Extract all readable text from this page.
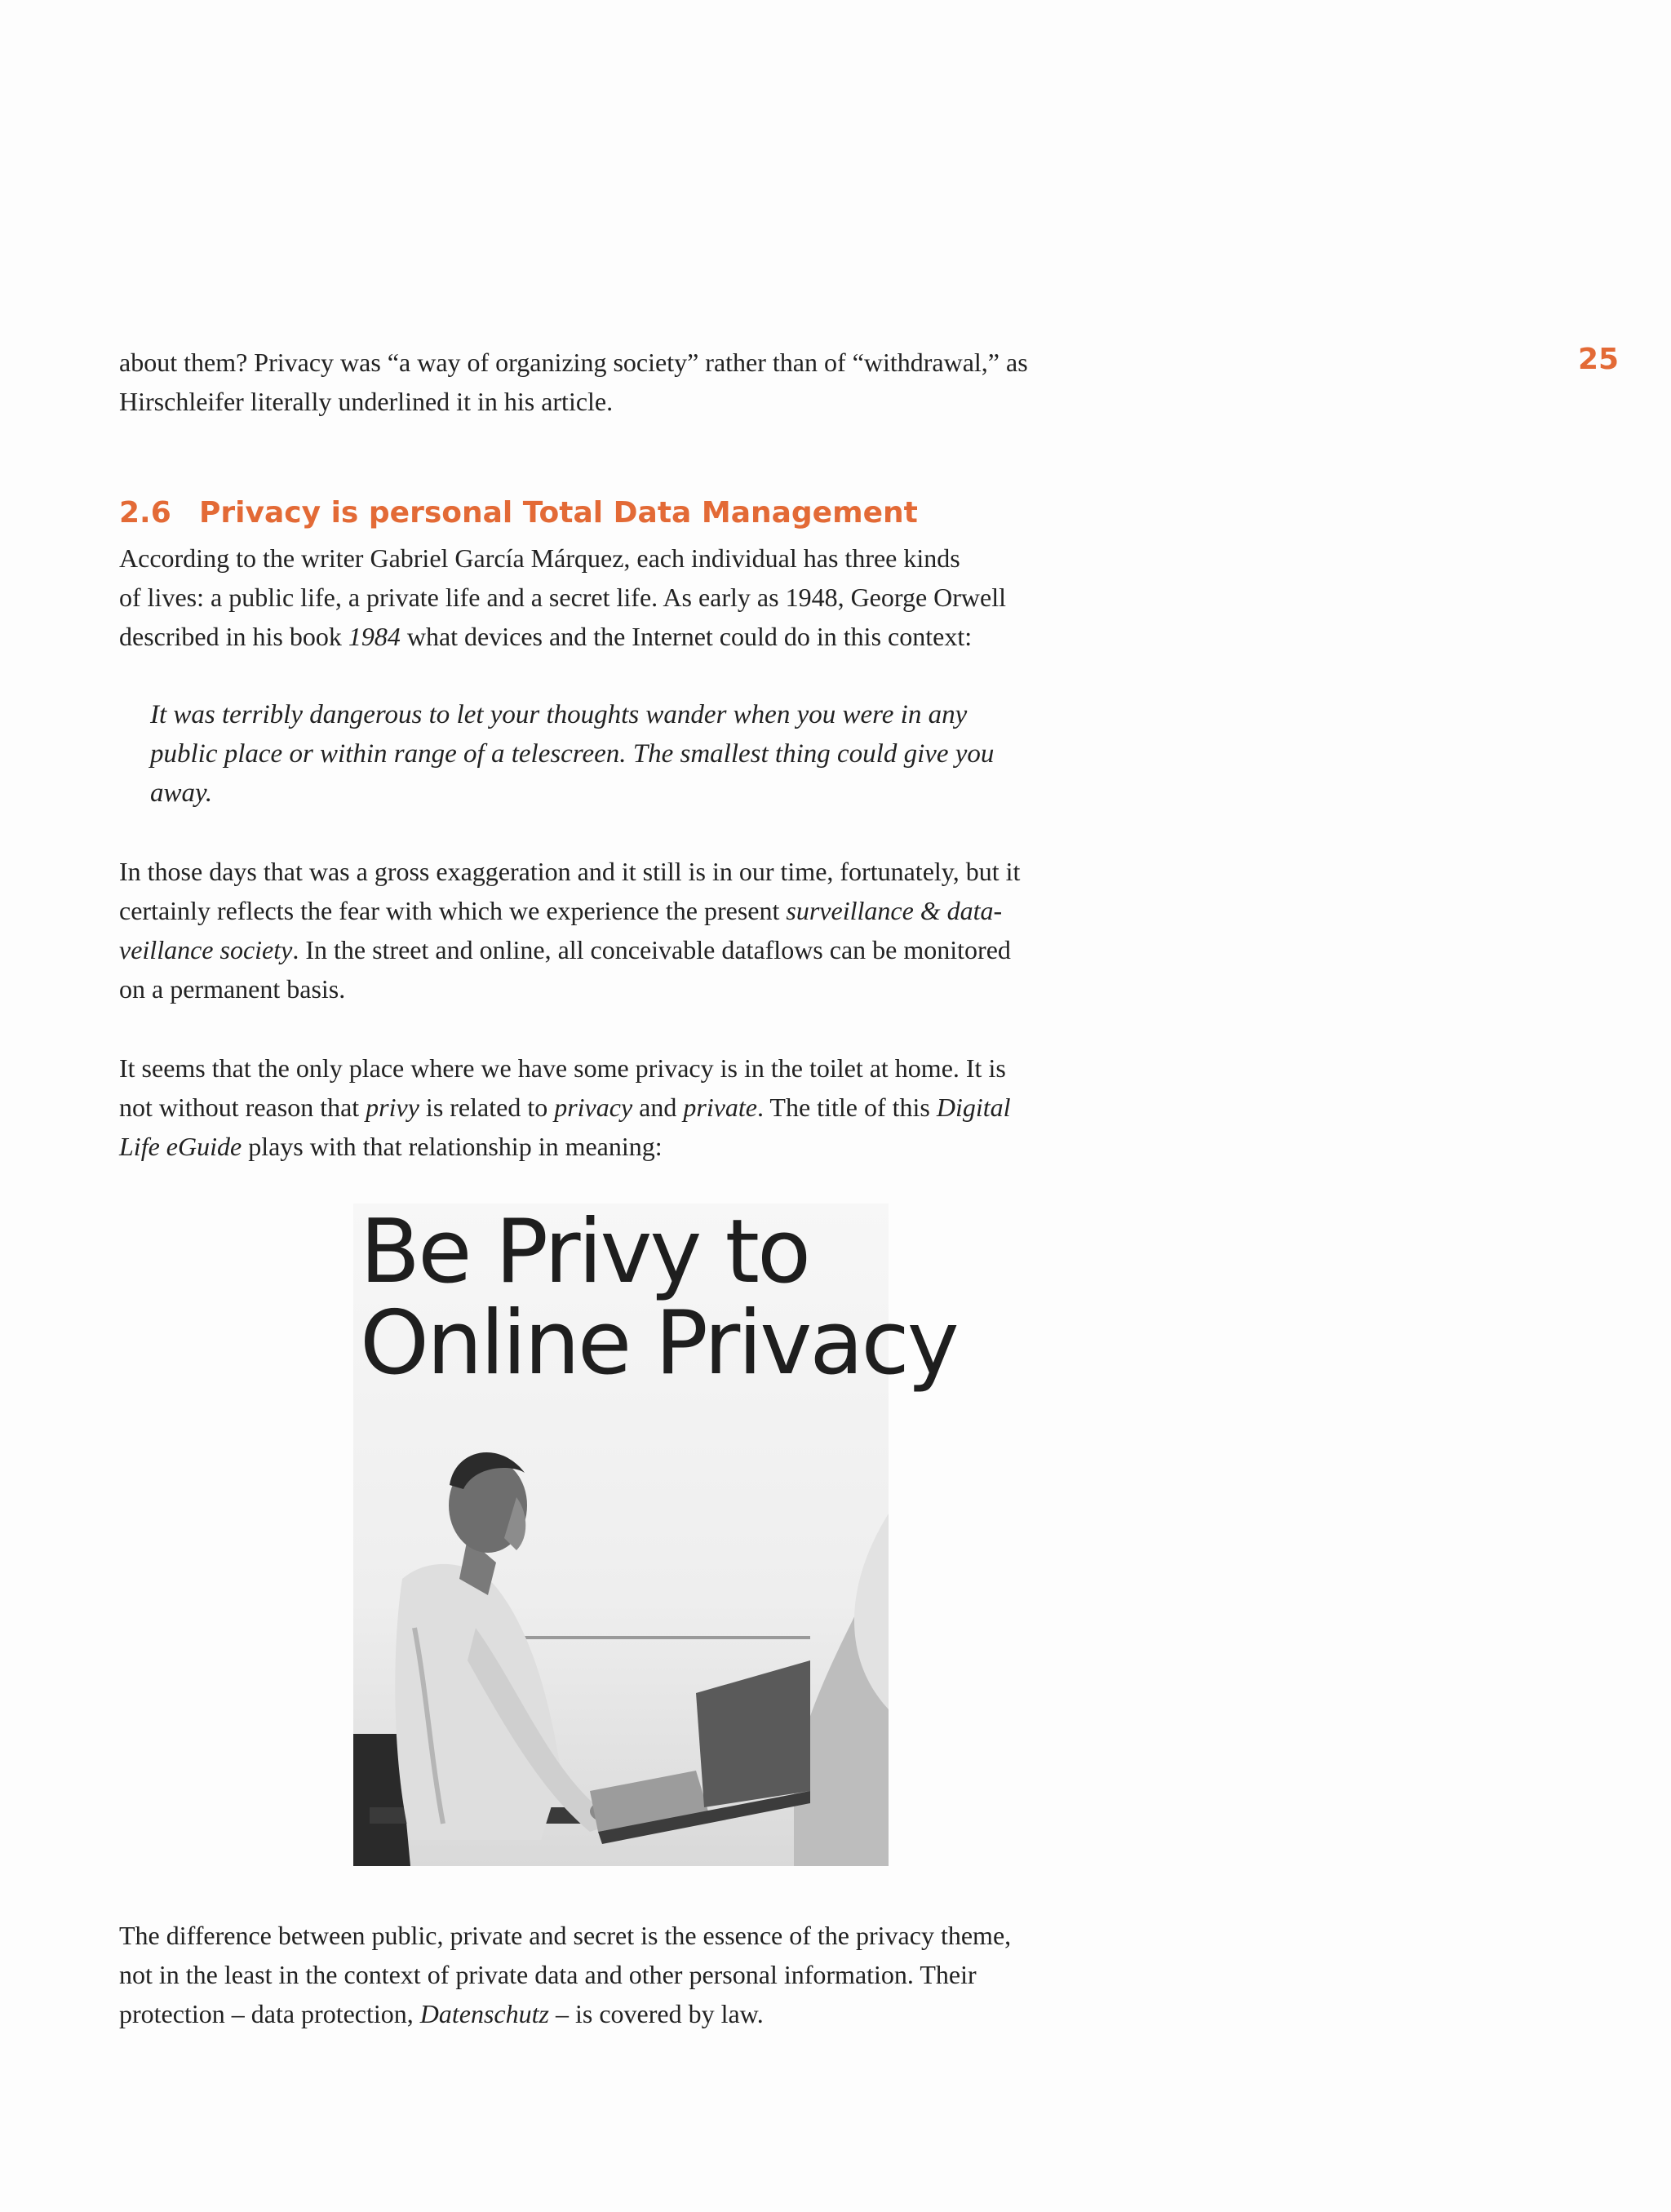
25

about them? Privacy was “a way of organizing society” rather than of “withdrawal,” as
Hirschleifer literally underlined it in his article.

2.6 Privacy is personal Total Data Management

According to the writer Gabriel García Márquez, each individual has three kinds
of lives: a public life, a private life and a secret life. As early as 1948, George Orwell
described in his book 1984 what devices and the Internet could do in this context:

It was terribly dangerous to let your thoughts wander when you were in any
public place or within range of a telescreen. The smallest thing could give you
away.

In those days that was a gross exaggeration and it still is in our time, fortunately, but it
certainly reflects the fear with which we experience the present surveillance & data-
veillance society. In the street and online, all conceivable dataflows can be monitored
on a permanent basis.

It seems that the only place where we have some privacy is in the toilet at home. It is
not without reason that privy is related to privacy and private. The title of this Digital
Life eGuide plays with that relationship in meaning:

Be Privy to
Online Privacy

The difference between public, private and secret is the essence of the privacy theme,
not in the least in the context of private data and other personal information. Their
protection – data protection, Datenschutz – is covered by law.
